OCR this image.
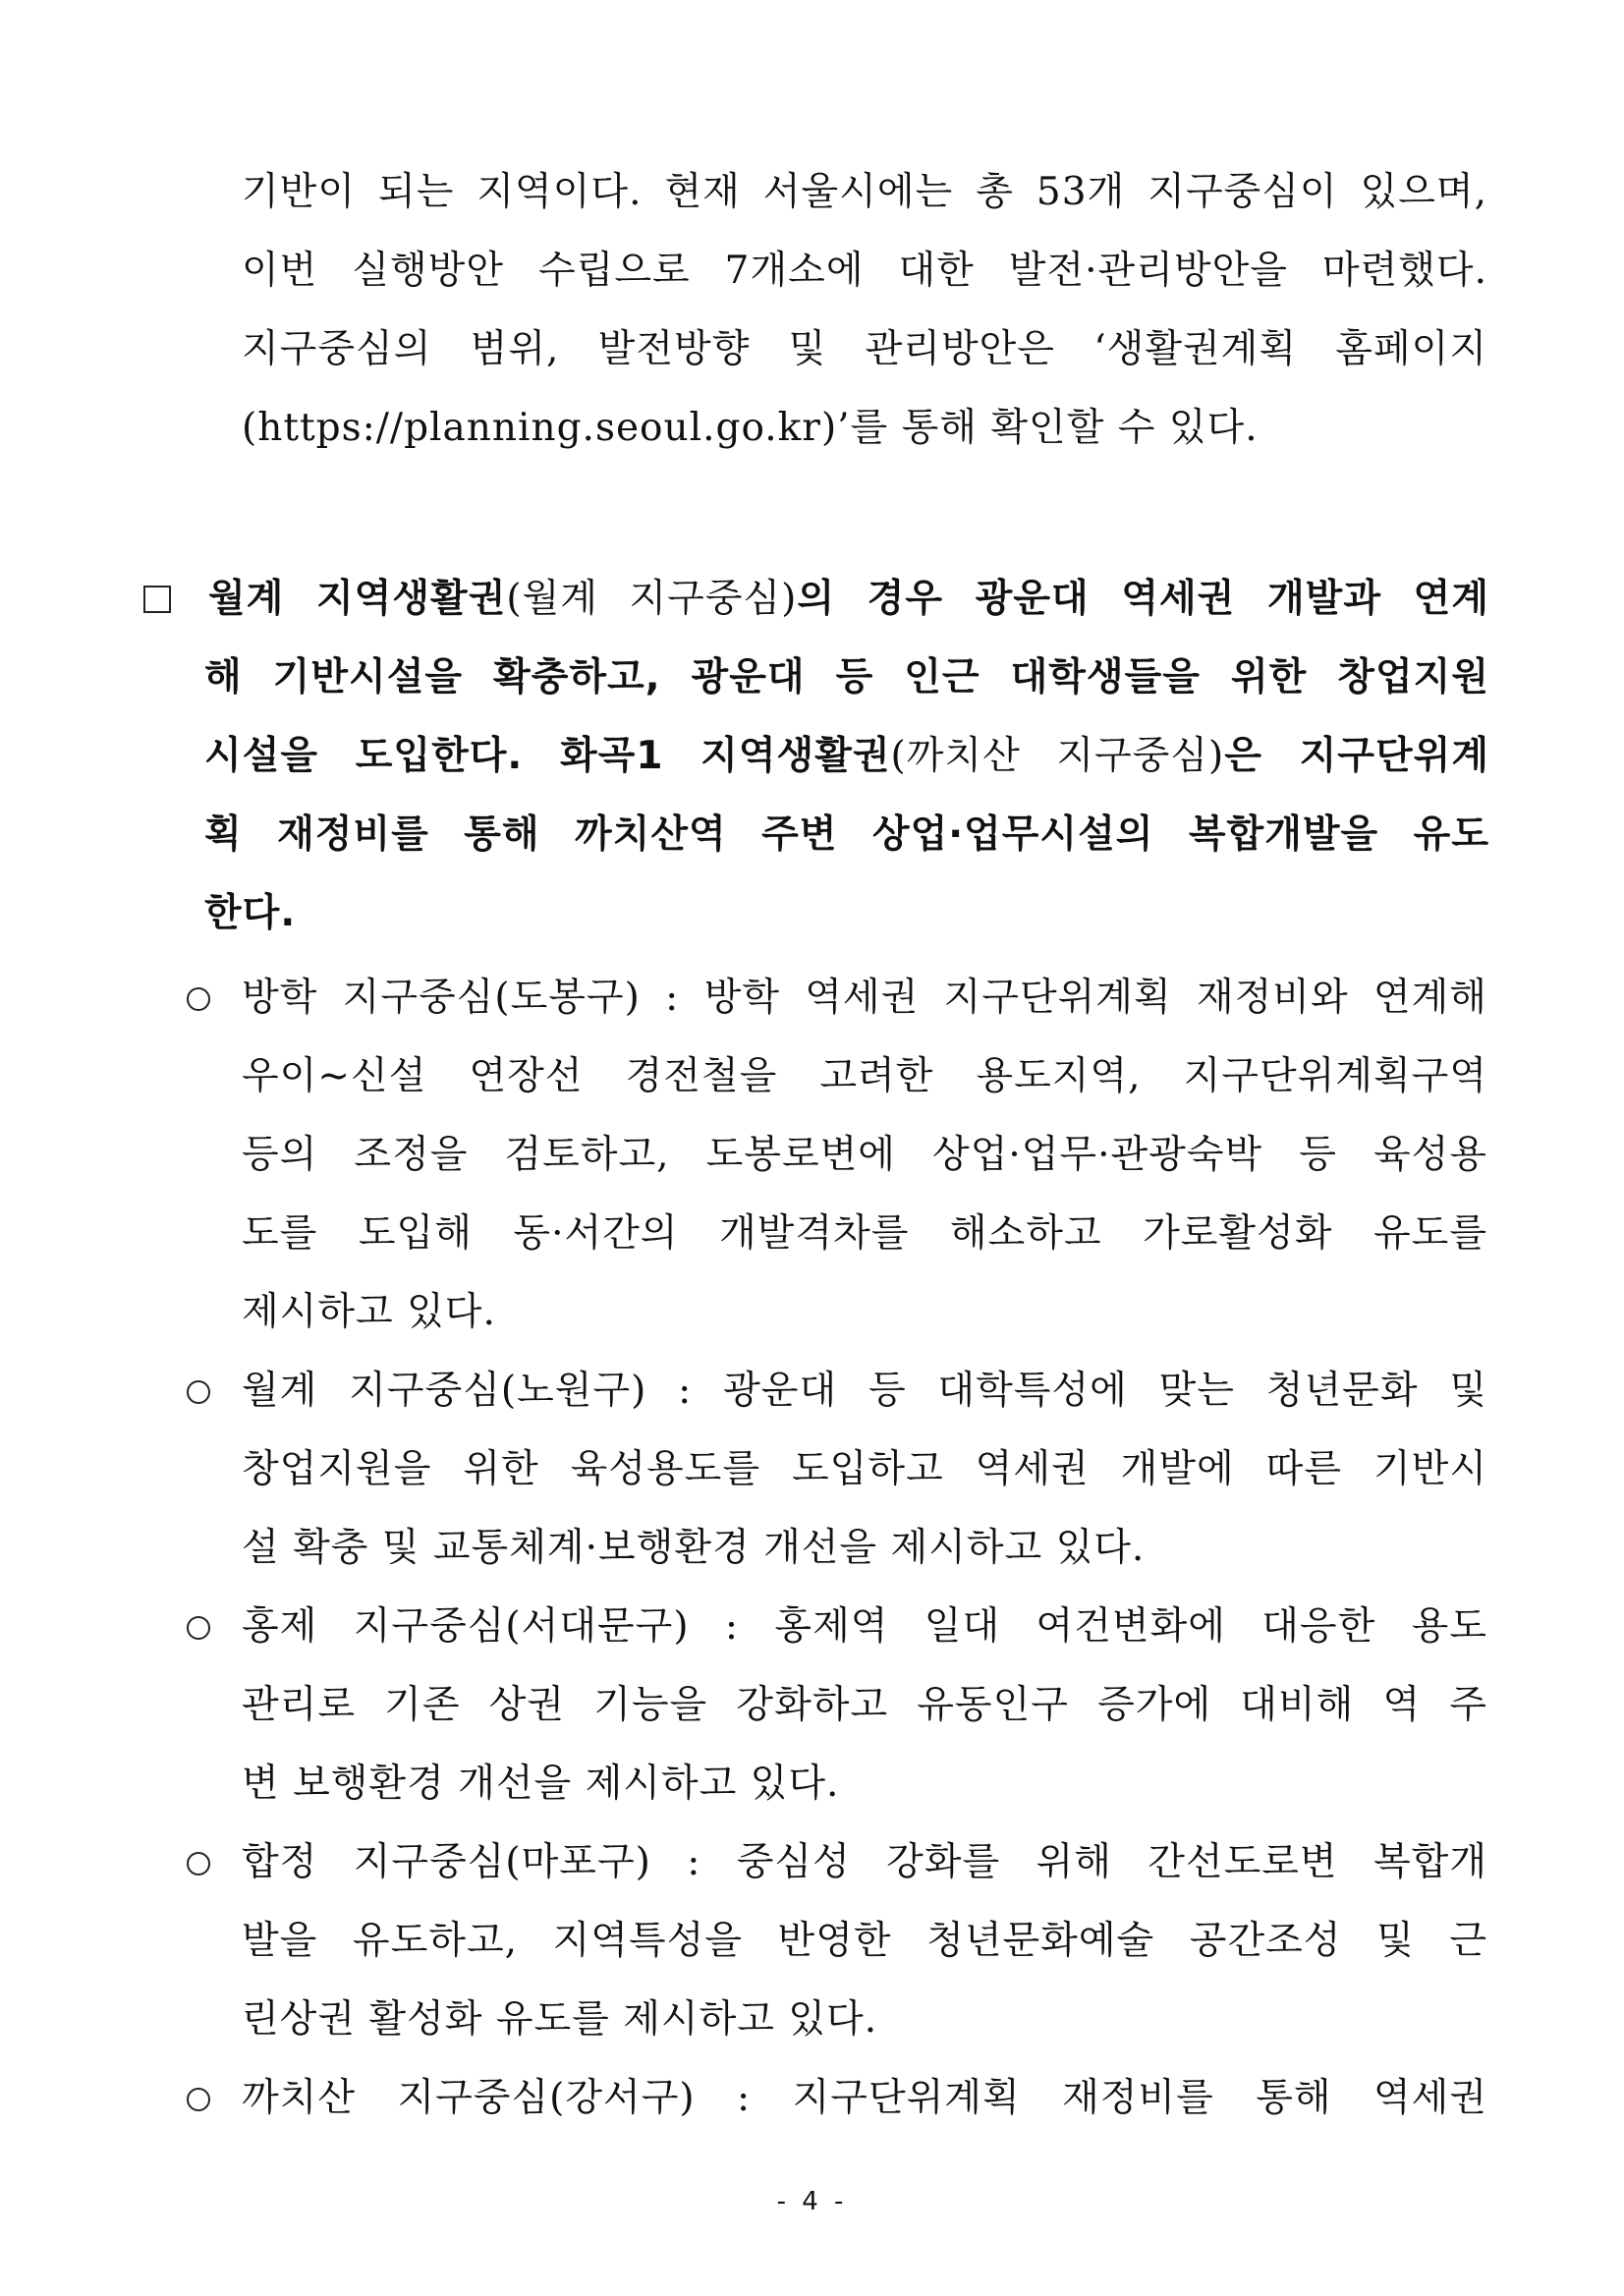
기반이 되는 지역이다. 현재 서울시에는 총 53개 지구중심이 있으며,
이번 실행방안 수립으로 7개소에 대한 발전·관리방안을 마련했다.
지구중심의 범위, 발전방향 및 관리방안은 ‘생활권계획 홈페이지
(https://planning.seoul.go.kr)’를 통해 확인할 수 있다.
월계 지역생활권(월계 지구중심)의 경우 광운대 역세권 개발과 연계
해 기반시설을 확충하고, 광운대 등 인근 대학생들을 위한 창업지원
시설을 도입한다. 화곡1 지역생활권(까치산 지구중심)은 지구단위계
획 재정비를 통해 까치산역 주변 상업·업무시설의 복합개발을 유도
한다.
방학 지구중심(도봉구) : 방학 역세권 지구단위계획 재정비와 연계해
우이~신설 연장선 경전철을 고려한 용도지역, 지구단위계획구역
등의 조정을 검토하고, 도봉로변에 상업·업무·관광숙박 등 육성용
도를 도입해 동·서간의 개발격차를 해소하고 가로활성화 유도를
제시하고 있다.
월계 지구중심(노원구) : 광운대 등 대학특성에 맞는 청년문화 및
창업지원을 위한 육성용도를 도입하고 역세권 개발에 따른 기반시
설 확충 및 교통체계·보행환경 개선을 제시하고 있다.
홍제 지구중심(서대문구) : 홍제역 일대 여건변화에 대응한 용도
관리로 기존 상권 기능을 강화하고 유동인구 증가에 대비해 역 주
변 보행환경 개선을 제시하고 있다.
합정 지구중심(마포구) : 중심성 강화를 위해 간선도로변 복합개
발을 유도하고, 지역특성을 반영한 청년문화예술 공간조성 및 근
린상권 활성화 유도를 제시하고 있다.
까치산 지구중심(강서구) : 지구단위계획 재정비를 통해 역세권
- 4 -
